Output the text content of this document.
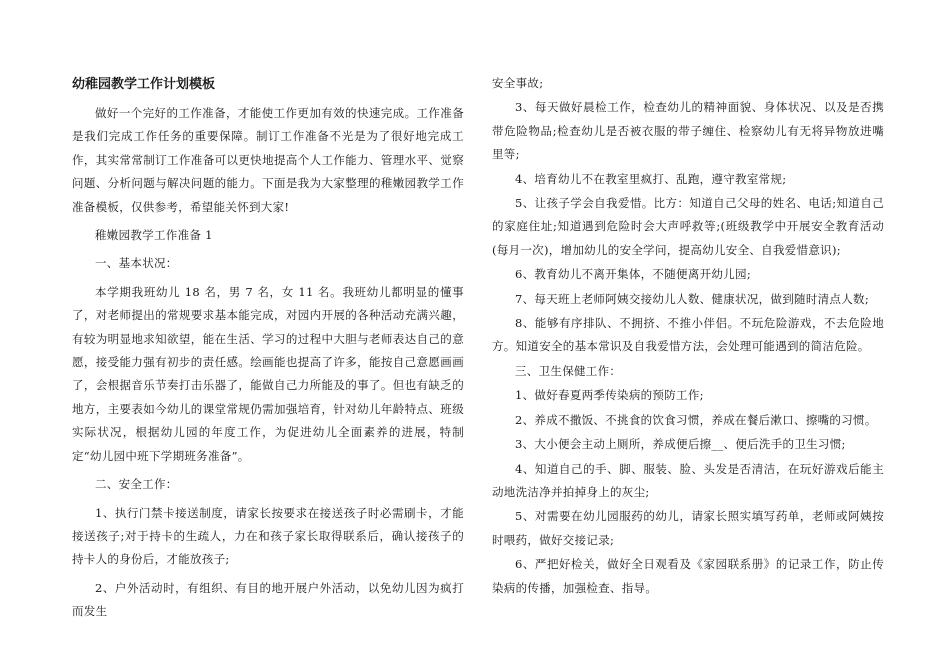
幼稚园教学工作计划模板

做好一个完好的工作准备，才能使工作更加有效的快速完成。工作准备是我们完成工作任务的重要保障。制订工作准备不光是为了很好地完成工作，其实常常制订工作准备可以更快地提高个人工作能力、管理水平、觉察问题、分析问题与解决问题的能力。下面是我为大家整理的稚嫩园教学工作准备模板，仅供参考，希望能关怀到大家!

稚嫩园教学工作准备 1

一、基本状况：

本学期我班幼儿 18 名，男 7 名，女 11 名。我班幼儿都明显的懂事了，对老师提出的常规要求基本能完成，对园内开展的各种活动充满兴趣，有较为明显地求知欲望，能在生活、学习的过程中大胆与老师表达自己的意愿，接受能力强有初步的责任感。绘画能也提高了许多，能按自己意愿画画了，会根据音乐节奏打击乐器了，能做自己力所能及的事了。但也有缺乏的地方，主要表如今幼儿的课堂常规仍需加强培育，针对幼儿年龄特点、班级实际状况，根据幼儿园的年度工作，为促进幼儿全面素养的进展，特制定“幼儿园中班下学期班务准备”。

二、安全工作：

1、执行门禁卡接送制度，请家长按要求在接送孩子时必需刷卡，才能接送孩子;对于持卡的生疏人，力在和孩子家长取得联系后，确认接孩子的持卡人的身份后，才能放孩子;

2、户外活动时，有组织、有目的地开展户外活动，以免幼儿因为疯打而发生

安全事故;

3、每天做好晨检工作，检查幼儿的精神面貌、身体状况、以及是否携带危险物品;检查幼儿是否被衣服的带子缠住、检察幼儿有无将异物放进嘴里等;

4、培育幼儿不在教室里疯打、乱跑，遵守教室常规;

5、让孩子学会自我爱惜。比方：知道自己父母的姓名、电话;知道自己的家庭住址;知道遇到危险时会大声呼救等;(班级教学中开展安全教育活动(每月一次)，增加幼儿的安全学问，提高幼儿安全、自我爱惜意识);

6、教育幼儿不离开集体，不随便离开幼儿园;

7、每天班上老师阿姨交接幼儿人数、健康状况，做到随时清点人数;

8、能够有序排队、不拥挤、不推小伴侣。不玩危险游戏，不去危险地方。知道安全的基本常识及自我爱惜方法，会处理可能遇到的简洁危险。

三、卫生保健工作：

1、做好春夏两季传染病的预防工作;

2、养成不撒饭、不挑食的饮食习惯，养成在餐后漱口、擦嘴的习惯。

3、大小便会主动上厕所，养成便后擦__、便后洗手的卫生习惯;

4、知道自己的手、脚、服装、脸、头发是否清洁，在玩好游戏后能主动地洗洁净并拍掉身上的灰尘;

5、对需要在幼儿园服药的幼儿，请家长照实填写药单，老师或阿姨按时喂药，做好交接记录;

6、严把好检关，做好全日观看及《家园联系册》的记录工作，防止传染病的传播，加强检查、指导。
